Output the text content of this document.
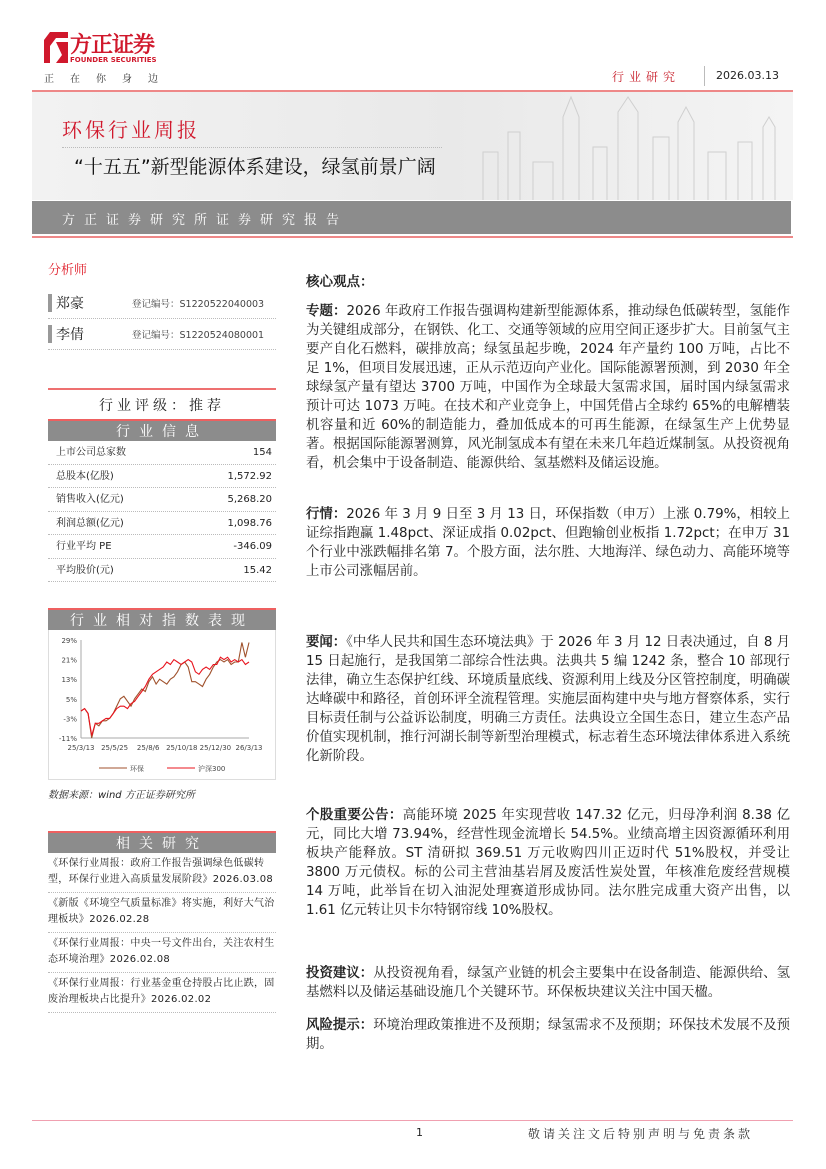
方正证券
FOUNDER SECURITIES
正在你身边	行业研究	2026.03.13
环保行业周报
“十五五”新型能源体系建设，绿氢前景广阔
方正证券研究所证券研究报告
分析师
郑豪	登记编号：S1220522040003
李倩	登记编号：S1220524080001
行业评级：推荐
行业信息
上市公司总家数	154
总股本(亿股)	1,572.92
销售收入(亿元)	5,268.20
利润总额(亿元)	1,098.76
行业平均 PE	-346.09
平均股价(元)	15.42
行业相对指数表现
29%
21%
13%
5%
-3%
-11%
25/3/13 25/5/25 25/8/6 25/10/18 25/12/30 26/3/13
环保	沪深300
数据来源：wind 方正证券研究所
相关研究
《环保行业周报：政府工作报告强调绿色低碳转型，环保行业进入高质量发展阶段》2026.03.08
《新版《环境空气质量标准》将实施，利好大气治理板块》2026.02.28
《环保行业周报：中央一号文件出台，关注农村生态环境治理》2026.02.08
《环保行业周报：行业基金重仓持股占比止跌，固废治理板块占比提升》2026.02.02
核心观点：
专题：2026 年政府工作报告强调构建新型能源体系，推动绿色低碳转型，氢能作为关键组成部分，在钢铁、化工、交通等领域的应用空间正逐步扩大。目前氢气主要产自化石燃料，碳排放高；绿氢虽起步晚，2024 年产量约 100 万吨，占比不足 1%，但项目发展迅速，正从示范迈向产业化。国际能源署预测，到 2030 年全球绿氢产量有望达 3700 万吨，中国作为全球最大氢需求国，届时国内绿氢需求预计可达 1073 万吨。在技术和产业竞争上，中国凭借占全球约 65%的电解槽装机容量和近 60%的制造能力，叠加低成本的可再生能源，在绿氢生产上优势显著。根据国际能源署测算，风光制氢成本有望在未来几年趋近煤制氢。从投资视角看，机会集中于设备制造、能源供给、氢基燃料及储运设施。
行情：2026 年 3 月 9 日至 3 月 13 日，环保指数（申万）上涨 0.79%，相较上证综指跑赢 1.48pct、深证成指 0.02pct、但跑输创业板指 1.72pct；在申万 31 个行业中涨跌幅排名第 7。个股方面，法尔胜、大地海洋、绿色动力、高能环境等上市公司涨幅居前。
要闻：《中华人民共和国生态环境法典》于 2026 年 3 月 12 日表决通过，自 8 月 15 日起施行，是我国第二部综合性法典。法典共 5 编 1242 条，整合 10 部现行法律，确立生态保护红线、环境质量底线、资源利用上线及分区管控制度，明确碳达峰碳中和路径，首创环评全流程管理。实施层面构建中央与地方督察体系，实行目标责任制与公益诉讼制度，明确三方责任。法典设立全国生态日，建立生态产品价值实现机制，推行河湖长制等新型治理模式，标志着生态环境法律体系进入系统化新阶段。
个股重要公告：高能环境 2025 年实现营收 147.32 亿元，归母净利润 8.38 亿元，同比大增 73.94%，经营性现金流增长 54.5%。业绩高增主因资源循环利用板块产能释放。ST 清研拟 369.51 万元收购四川正迈时代 51%股权，并受让 3800 万元债权。标的公司主营油基岩屑及废活性炭处置，年核准危废经营规模 14 万吨，此举旨在切入油泥处理赛道形成协同。法尔胜完成重大资产出售，以 1.61 亿元转让贝卡尔特钢帘线 10%股权。
投资建议：从投资视角看，绿氢产业链的机会主要集中在设备制造、能源供给、氢基燃料以及储运基础设施几个关键环节。环保板块建议关注中国天楹。
风险提示：环境治理政策推进不及预期；绿氢需求不及预期；环保技术发展不及预期。
1	敬请关注文后特别声明与免责条款
